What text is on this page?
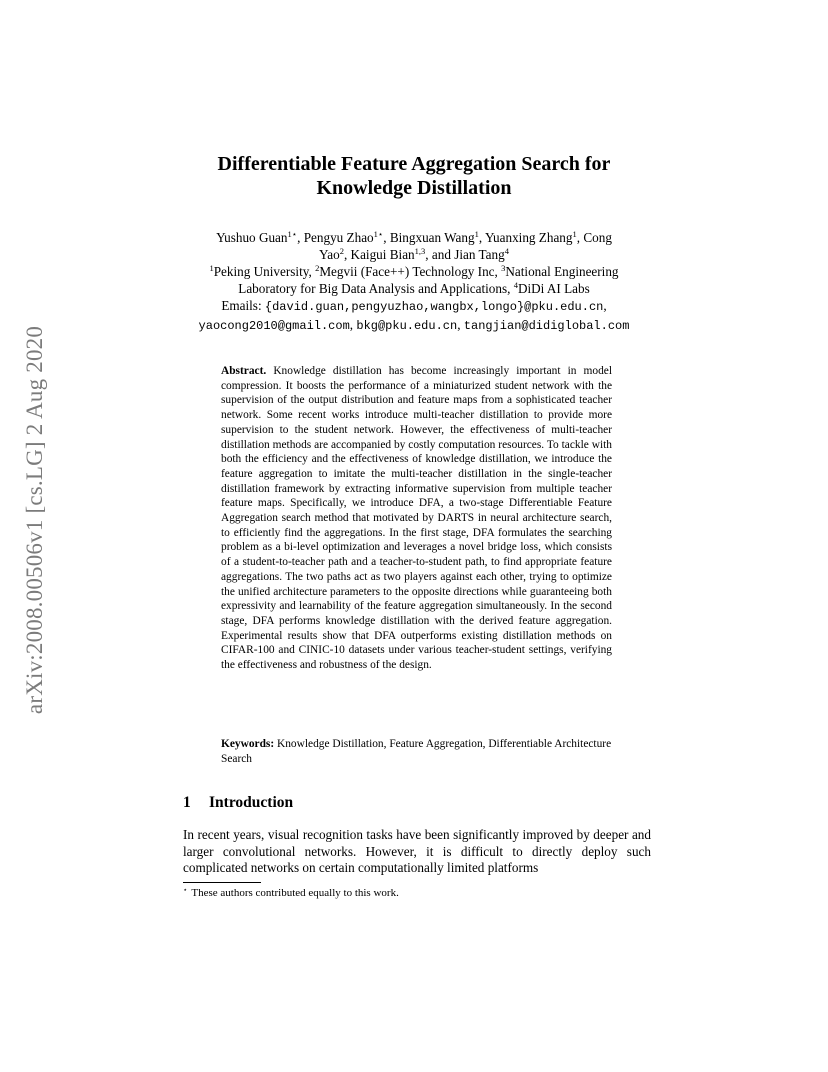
arXiv:2008.00506v1 [cs.LG] 2 Aug 2020
Differentiable Feature Aggregation Search for
Knowledge Distillation
Yushuo Guan$^{1⋆}$, Pengyu Zhao$^{1⋆}$, Bingxuan Wang$^1$, Yuanxing Zhang$^1$, Cong
Yao$^2$, Kaigui Bian$^{1,3}$, and Jian Tang$^4$
$^1$Peking University, $^2$Megvii (Face++) Technology Inc, $^3$National Engineering
Laboratory for Big Data Analysis and Applications, $^4$DiDi AI Labs
Emails: {david.guan,pengyuzhao,wangbx,longo}@pku.edu.cn,
yaocong2010@gmail.com, bkg@pku.edu.cn, tangjian@didiglobal.com
Abstract. Knowledge distillation has become increasingly important in model compression. It boosts the performance of a miniaturized student network with the supervision of the output distribution and feature maps from a sophisticated teacher network. Some recent works introduce multi-teacher distillation to provide more supervision to the student network. However, the effectiveness of multi-teacher distillation methods are accompanied by costly computation resources. To tackle with both the efficiency and the effectiveness of knowledge distillation, we introduce the feature aggregation to imitate the multi-teacher distillation in the single-teacher distillation framework by extracting informative supervision from multiple teacher feature maps. Specifically, we introduce DFA, a two-stage Differentiable Feature Aggregation search method that motivated by DARTS in neural architecture search, to efficiently find the aggregations. In the first stage, DFA formulates the searching problem as a bi-level optimization and leverages a novel bridge loss, which consists of a student-to-teacher path and a teacher-to-student path, to find appropriate feature aggregations. The two paths act as two players against each other, trying to optimize the unified architecture parameters to the opposite directions while guaranteeing both expressivity and learnability of the feature aggregation simultaneously. In the second stage, DFA performs knowledge distillation with the derived feature aggregation. Experimental results show that DFA outperforms existing distillation methods on CIFAR-100 and CINIC-10 datasets under various teacher-student settings, verifying the effectiveness and robustness of the design.
Keywords: Knowledge Distillation, Feature Aggregation, Differentiable Architecture Search
1 Introduction
In recent years, visual recognition tasks have been significantly improved by deeper and larger convolutional networks. However, it is difficult to directly deploy such complicated networks on certain computationally limited platforms
⋆ These authors contributed equally to this work.
